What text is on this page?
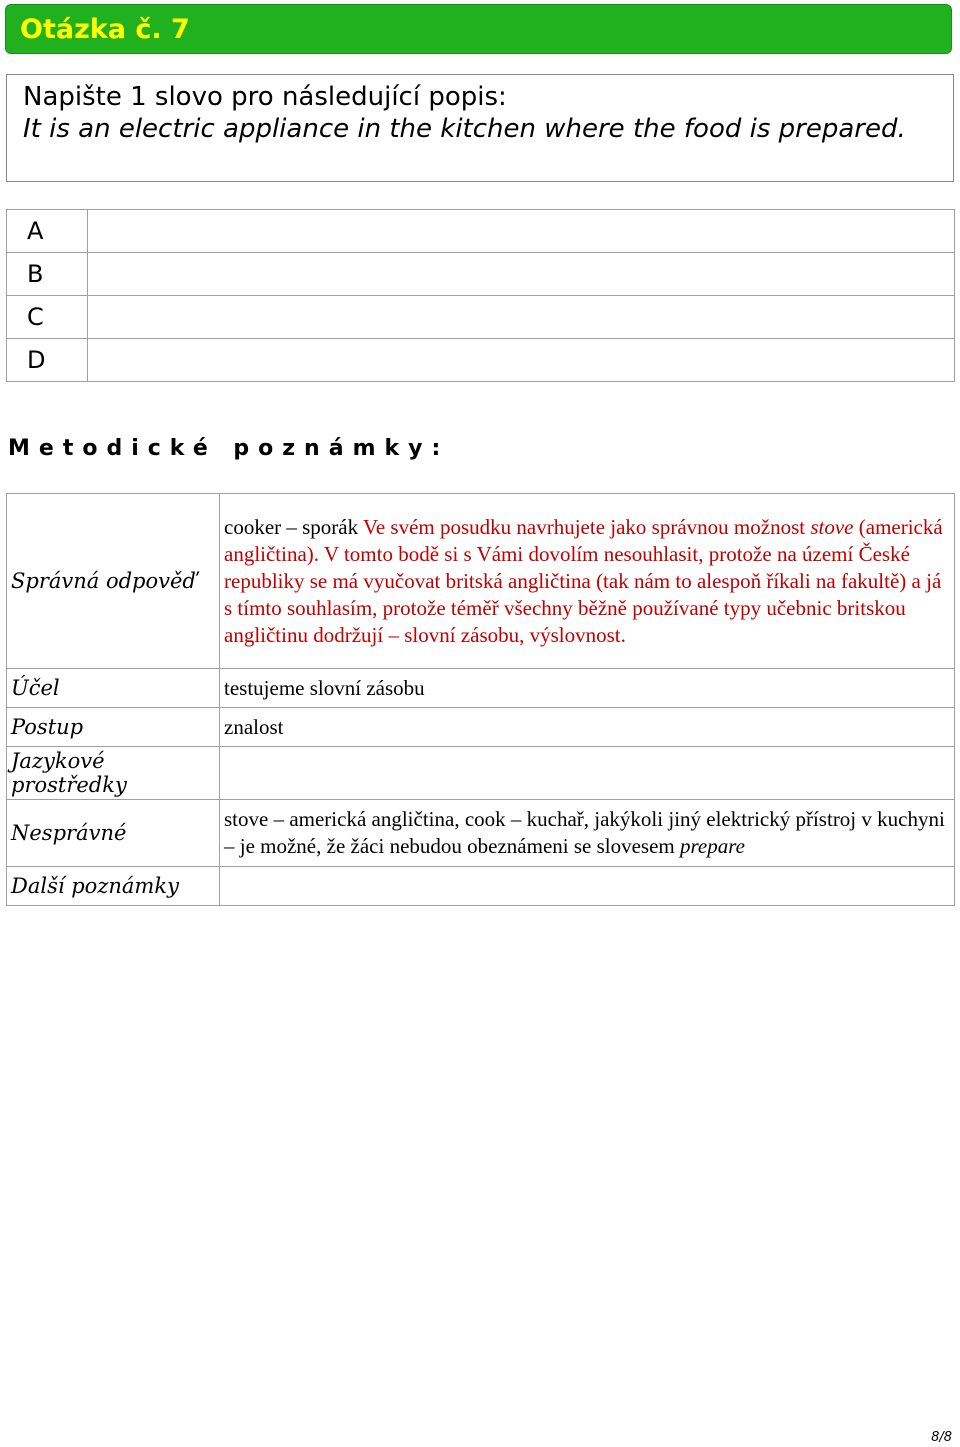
Otázka č. 7
Napište 1 slovo pro následující popis:
It is an electric appliance in the kitchen where the food is prepared.
A	
B	
C	
D	
Metodické poznámky:
Správná odpověď	cooker – sporák Ve svém posudku navrhujete jako správnou možnost stove (americká angličtina). V tomto bodě si s Vámi dovolím nesouhlasit, protože na území České republiky se má vyučovat britská angličtina (tak nám to alespoň říkali na fakultě) a já s tímto souhlasím, protože téměř všechny běžně používané typy učebnic britskou angličtinu dodržují – slovní zásobu, výslovnost.
Účel	testujeme slovní zásobu
Postup	znalost
Jazykové prostředky	
Nesprávné	stove – americká angličtina, cook – kuchař, jakýkoli jiný elektrický přístroj v kuchyni – je možné, že žáci nebudou obeznámeni se slovesem prepare
Další poznámky	
8/8
